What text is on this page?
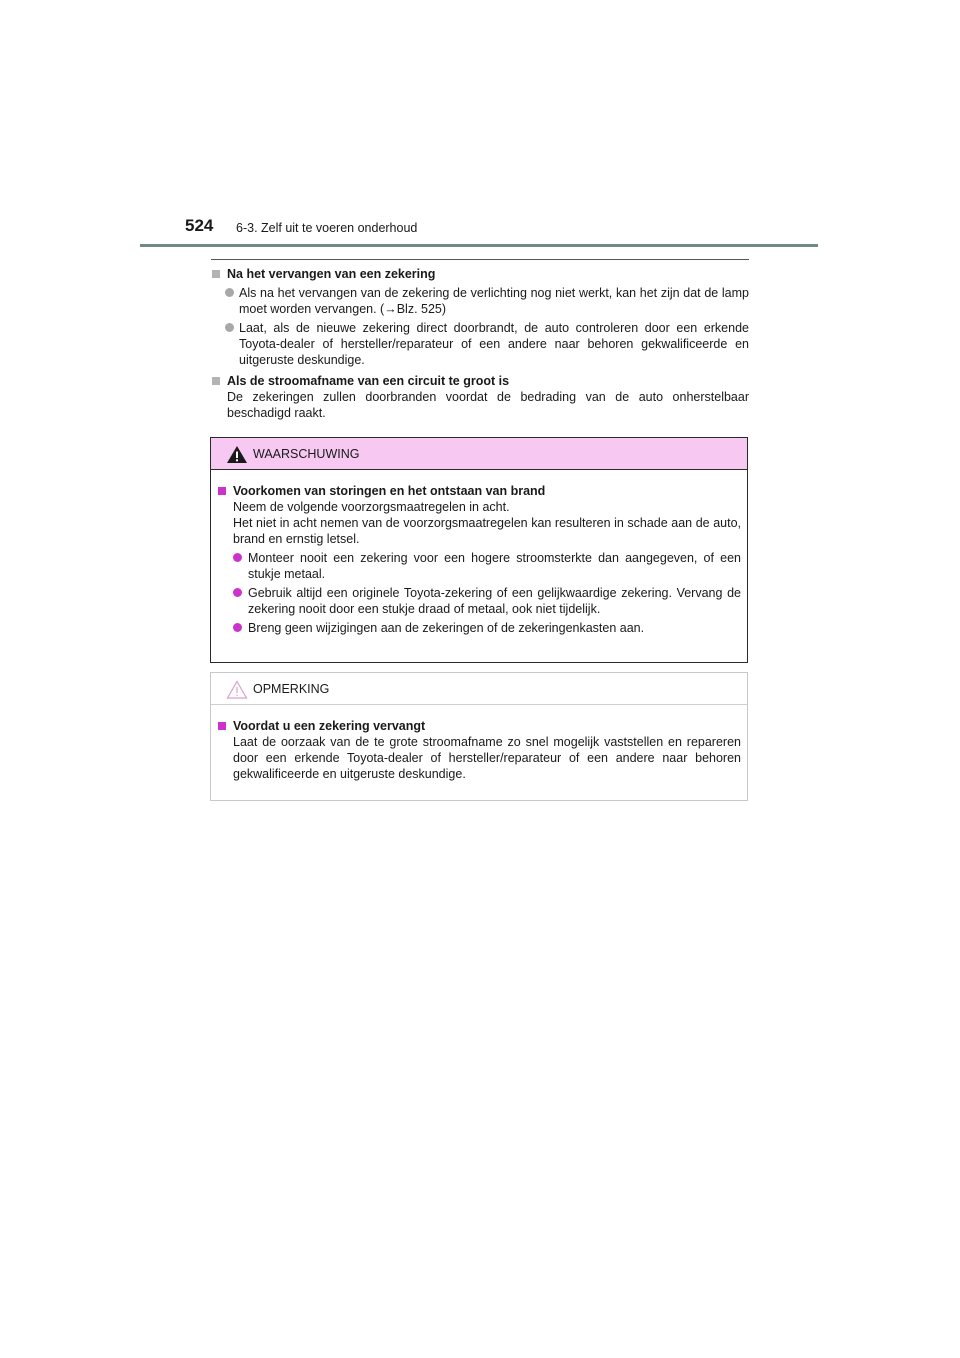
524 6-3. Zelf uit te voeren onderhoud
Na het vervangen van een zekering
Als na het vervangen van de zekering de verlichting nog niet werkt, kan het zijn dat de lamp moet worden vervangen. (→Blz. 525)
Laat, als de nieuwe zekering direct doorbrandt, de auto controleren door een erkende Toyota-dealer of hersteller/reparateur of een andere naar behoren gekwalificeerde en uitgeruste deskundige.
Als de stroomafname van een circuit te groot is
De zekeringen zullen doorbranden voordat de bedrading van de auto onherstelbaar beschadigd raakt.
WAARSCHUWING
Voorkomen van storingen en het ontstaan van brand
Neem de volgende voorzorgsmaatregelen in acht.
Het niet in acht nemen van de voorzorgsmaatregelen kan resulteren in schade aan de auto, brand en ernstig letsel.
Monteer nooit een zekering voor een hogere stroomsterkte dan aangegeven, of een stukje metaal.
Gebruik altijd een originele Toyota-zekering of een gelijkwaardige zekering. Vervang de zekering nooit door een stukje draad of metaal, ook niet tijdelijk.
Breng geen wijzigingen aan de zekeringen of de zekeringenkasten aan.
OPMERKING
Voordat u een zekering vervangt
Laat de oorzaak van de te grote stroomafname zo snel mogelijk vaststellen en repareren door een erkende Toyota-dealer of hersteller/reparateur of een andere naar behoren gekwalificeerde en uitgeruste deskundige.
